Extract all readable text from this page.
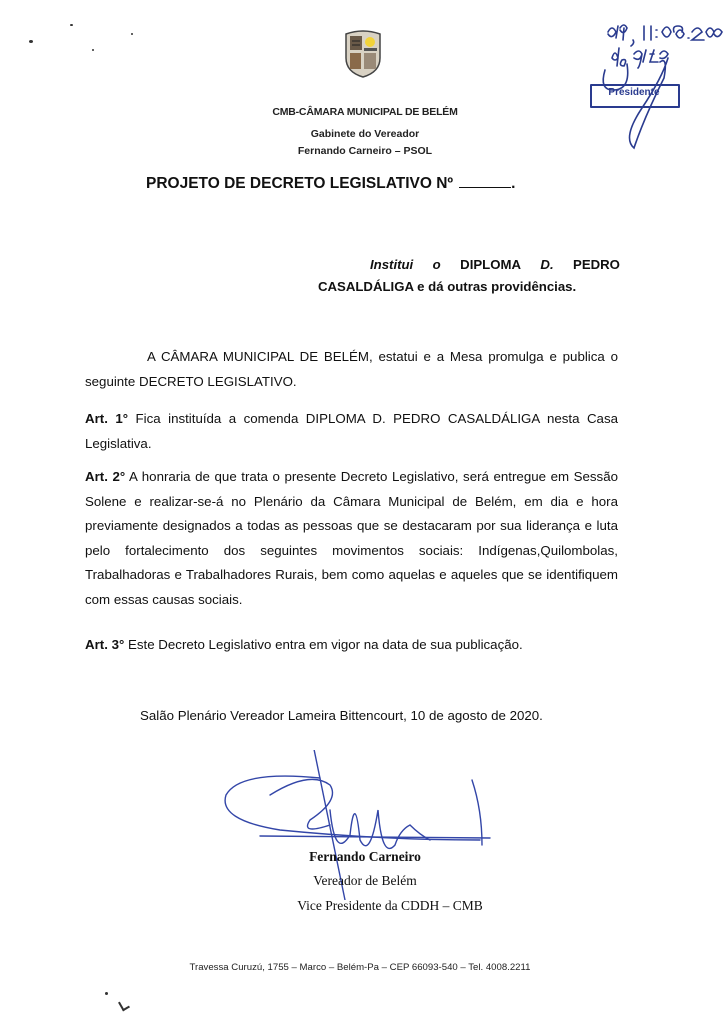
CMB-CÂMARA MUNICIPAL DE BELÉM
Gabinete do Vereador
Fernando Carneiro – PSOL
Presidente
PROJETO DE DECRETO LEGISLATIVO Nº	.
Institui o DIPLOMA D. PEDRO
CASALDÁLIGA e dá outras providências.
A CÂMARA MUNICIPAL DE BELÉM, estatui e a Mesa promulga e publica o seguinte DECRETO LEGISLATIVO.
Art. 1° Fica instituída a comenda DIPLOMA D. PEDRO CASALDÁLIGA nesta Casa Legislativa.
Art. 2° A honraria de que trata o presente Decreto Legislativo, será entregue em Sessão Solene e realizar-se-á no Plenário da Câmara Municipal de Belém, em dia e hora previamente designados a todas as pessoas que se destacaram por sua liderança e luta pelo fortalecimento dos seguintes movimentos sociais: Indígenas,Quilombolas, Trabalhadoras e Trabalhadores Rurais, bem como aquelas e aqueles que se identifiquem com essas causas sociais.
Art. 3° Este Decreto Legislativo entra em vigor na data de sua publicação.
Salão Plenário Vereador Lameira Bittencourt, 10 de agosto de 2020.
Fernando Carneiro
Vereador de Belém
Vice Presidente da CDDH – CMB
Travessa Curuzú, 1755 – Marco – Belém-Pa – CEP 66093-540 – Tel. 4008.2211
